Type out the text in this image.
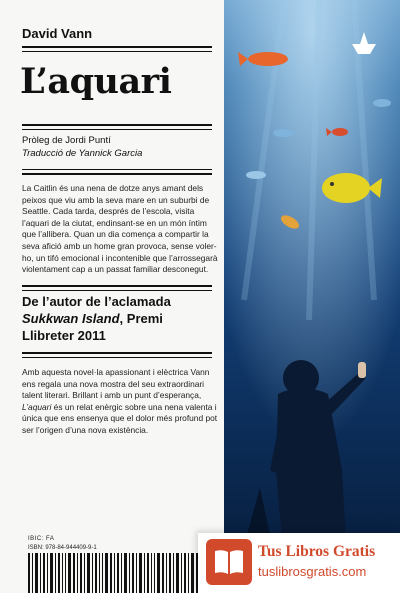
David Vann
L’aquari
Pròleg de Jordi Puntí
Traducció de Yannick Garcia
La Caitlin és una nena de dotze anys amant dels peixos que viu amb la seva mare en un suburbi de Seattle. Cada tarda, després de l’escola, visita l’aquari de la ciutat, endinsant-se en un món íntim que l’allibera. Quan un dia comença a compartir la seva afició amb un home gran provoca, sense voler-ho, un tifó emocional i incontenible que l’arrossegarà violentament cap a un passat familiar desconegut.
De l’autor de l’aclamada
Sukkwan Island, Premi Llibreter 2011
Amb aquesta novel·la apassionant i elèctrica Vann ens regala una nova mostra del seu extraordinari talent literari. Brillant i amb un punt d’esperança, L’aquari és un relat enèrgic sobre una nena valenta i única que ens ensenya que el dolor més profund pot ser l’origen d’una nova existència.
IBIC: FA
ISBN: 978-84-944409-9-1	Tus Libros Gratis
tuslibrosgratis.com
